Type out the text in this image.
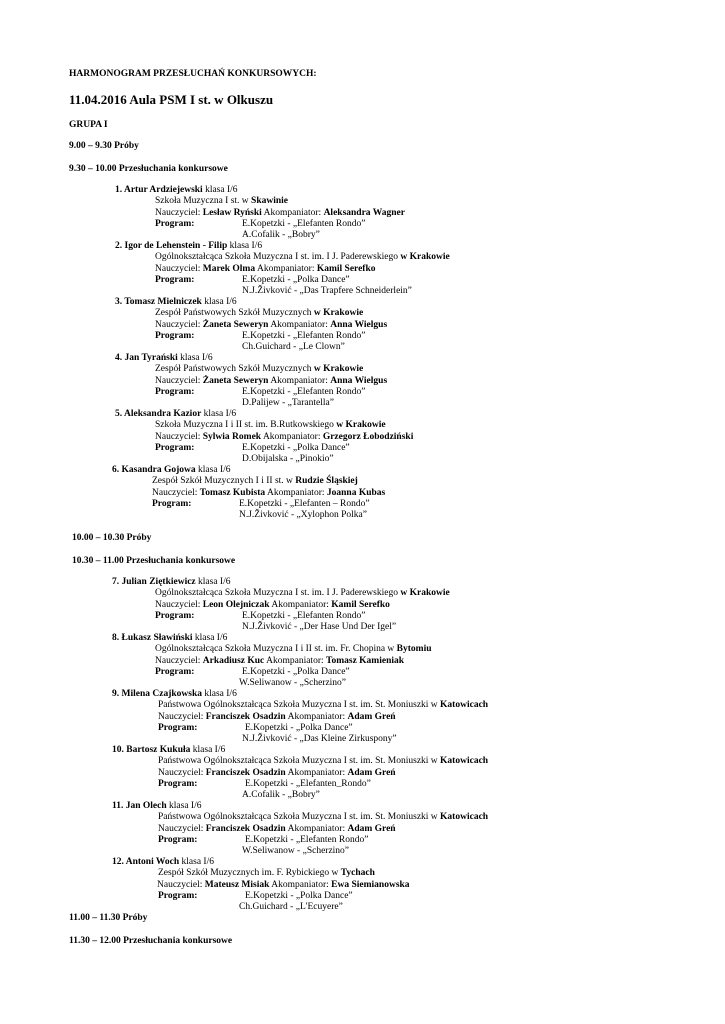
HARMONOGRAM PRZESŁUCHAŃ KONKURSOWYCH:
11.04.2016 Aula PSM I st. w Olkuszu
GRUPA I
9.00 – 9.30 Próby
9.30 – 10.00 Przesłuchania konkursowe
1. Artur Ardziejewski klasa I/6
Szkoła Muzyczna I st. w Skawinie
Nauczyciel: Lesław Ryński Akompaniator: Aleksandra Wagner
Program:	E.Kopetzki - „Elefanten Rondo”
A.Cofalik - „Bobry”
2. Igor de Lehenstein - Filip klasa I/6
Ogólnokształcąca Szkoła Muzyczna I st. im. I J. Paderewskiego w Krakowie
Nauczyciel: Marek Olma Akompaniator: Kamil Serefko
Program:	E.Kopetzki - „Polka Dance”
N.J.Živković - „Das Trapfere Schneiderlein”
3. Tomasz Mielniczek klasa I/6
Zespół Państwowych Szkół Muzycznych w Krakowie
Nauczyciel: Żaneta Seweryn Akompaniator: Anna Wielgus
Program:	E.Kopetzki - „Elefanten Rondo”
Ch.Guichard - „Le Clown”
4. Jan Tyrański klasa I/6
Zespół Państwowych Szkół Muzycznych w Krakowie
Nauczyciel: Żaneta Seweryn Akompaniator: Anna Wielgus
Program:	E.Kopetzki - „Elefanten Rondo”
D.Palijew - „Tarantella”
5. Aleksandra Kazior klasa I/6
Szkoła Muzyczna I i II st. im. B.Rutkowskiego w Krakowie
Nauczyciel: Sylwia Romek Akompaniator: Grzegorz Łobodziński
Program:	E.Kopetzki - „Polka Dance”
D.Obijalska - „Pinokio”
6. Kasandra Gojowa klasa I/6
Zespół Szkół Muzycznych I i II st. w Rudzie Śląskiej
Nauczyciel: Tomasz Kubista Akompaniator: Joanna Kubas
Program:	E.Kopetzki - „Elefanten – Rondo”
N.J.Živković - „Xylophon Polka”
10.00 – 10.30 Próby
10.30 – 11.00 Przesłuchania konkursowe
7. Julian Ziętkiewicz klasa I/6
Ogólnokształcąca Szkoła Muzyczna I st. im. I J. Paderewskiego w Krakowie
Nauczyciel: Leon Olejniczak Akompaniator: Kamil Serefko
Program:	E.Kopetzki - „Elefanten Rondo”
N.J.Živković - „Der Hase Und Der Igel”
8. Łukasz Sławiński klasa I/6
Ogólnokształcąca Szkoła Muzyczna I i II st. im. Fr. Chopina w Bytomiu
Nauczyciel: Arkadiusz Kuc Akompaniator: Tomasz Kamieniak
Program:	E.Kopetzki - „Polka Dance”
W.Seliwanow - „Scherzino”
9. Milena Czajkowska klasa I/6
Państwowa Ogólnokształcąca Szkoła Muzyczna I st. im. St. Moniuszki w Katowicach
Nauczyciel: Franciszek Osadzin Akompaniator: Adam Greń
Program:	E.Kopetzki - „Polka Dance”
N.J.Živković - „Das Kleine Zirkuspony”
10. Bartosz Kukuła klasa I/6
Państwowa Ogólnokształcąca Szkoła Muzyczna I st. im. St. Moniuszki w Katowicach
Nauczyciel: Franciszek Osadzin Akompaniator: Adam Greń
Program:	E.Kopetzki - „Elefanten_Rondo”
A.Cofalik - „Bobry”
11. Jan Olech klasa I/6
Państwowa Ogólnokształcąca Szkoła Muzyczna I st. im. St. Moniuszki w Katowicach
Nauczyciel: Franciszek Osadzin Akompaniator: Adam Greń
Program:	E.Kopetzki - „Elefanten Rondo”
W.Seliwanow - „Scherzino”
12. Antoni Woch klasa I/6
Zespół Szkół Muzycznych im. F. Rybickiego w Tychach
Nauczyciel: Mateusz Misiak Akompaniator: Ewa Siemianowska
Program:	E.Kopetzki - „Polka Dance”
Ch.Guichard - „L'Ecuyere”
11.00 – 11.30 Próby
11.30 – 12.00 Przesłuchania konkursowe
